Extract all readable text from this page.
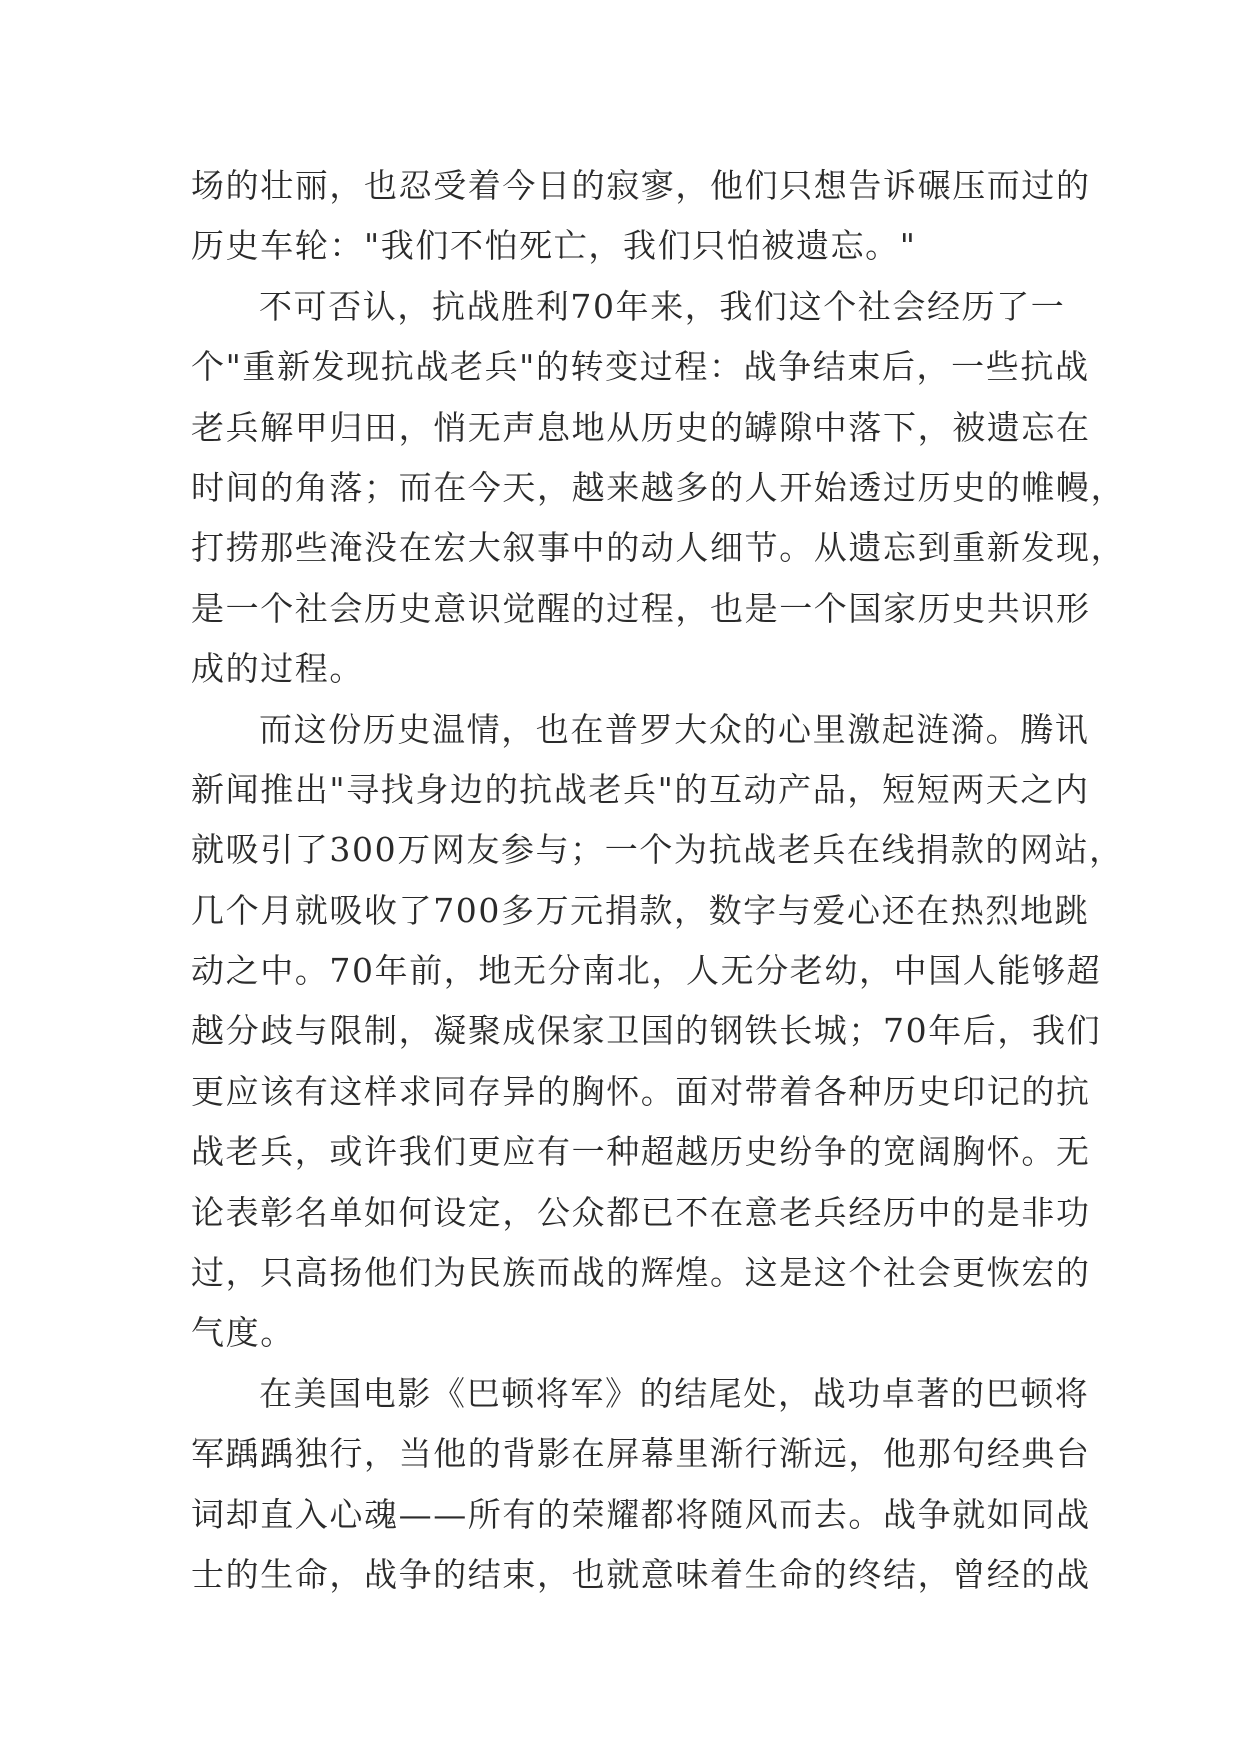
场的壮丽，也忍受着今日的寂寥，他们只想告诉碾压而过的
历史车轮："我们不怕死亡，我们只怕被遗忘。"
不可否认，抗战胜利70年来，我们这个社会经历了一
个"重新发现抗战老兵"的转变过程：战争结束后，一些抗战
老兵解甲归田，悄无声息地从历史的罅隙中落下，被遗忘在
时间的角落；而在今天，越来越多的人开始透过历史的帷幔，
打捞那些淹没在宏大叙事中的动人细节。从遗忘到重新发现，
是一个社会历史意识觉醒的过程，也是一个国家历史共识形
成的过程。
而这份历史温情，也在普罗大众的心里激起涟漪。腾讯
新闻推出"寻找身边的抗战老兵"的互动产品，短短两天之内
就吸引了300万网友参与；一个为抗战老兵在线捐款的网站，
几个月就吸收了700多万元捐款，数字与爱心还在热烈地跳
动之中。70年前，地无分南北，人无分老幼，中国人能够超
越分歧与限制，凝聚成保家卫国的钢铁长城；70年后，我们
更应该有这样求同存异的胸怀。面对带着各种历史印记的抗
战老兵，或许我们更应有一种超越历史纷争的宽阔胸怀。无
论表彰名单如何设定，公众都已不在意老兵经历中的是非功
过，只高扬他们为民族而战的辉煌。这是这个社会更恢宏的
气度。
在美国电影《巴顿将军》的结尾处，战功卓著的巴顿将
军踽踽独行，当他的背影在屏幕里渐行渐远，他那句经典台
词却直入心魂——所有的荣耀都将随风而去。战争就如同战
士的生命，战争的结束，也就意味着生命的终结，曾经的战
